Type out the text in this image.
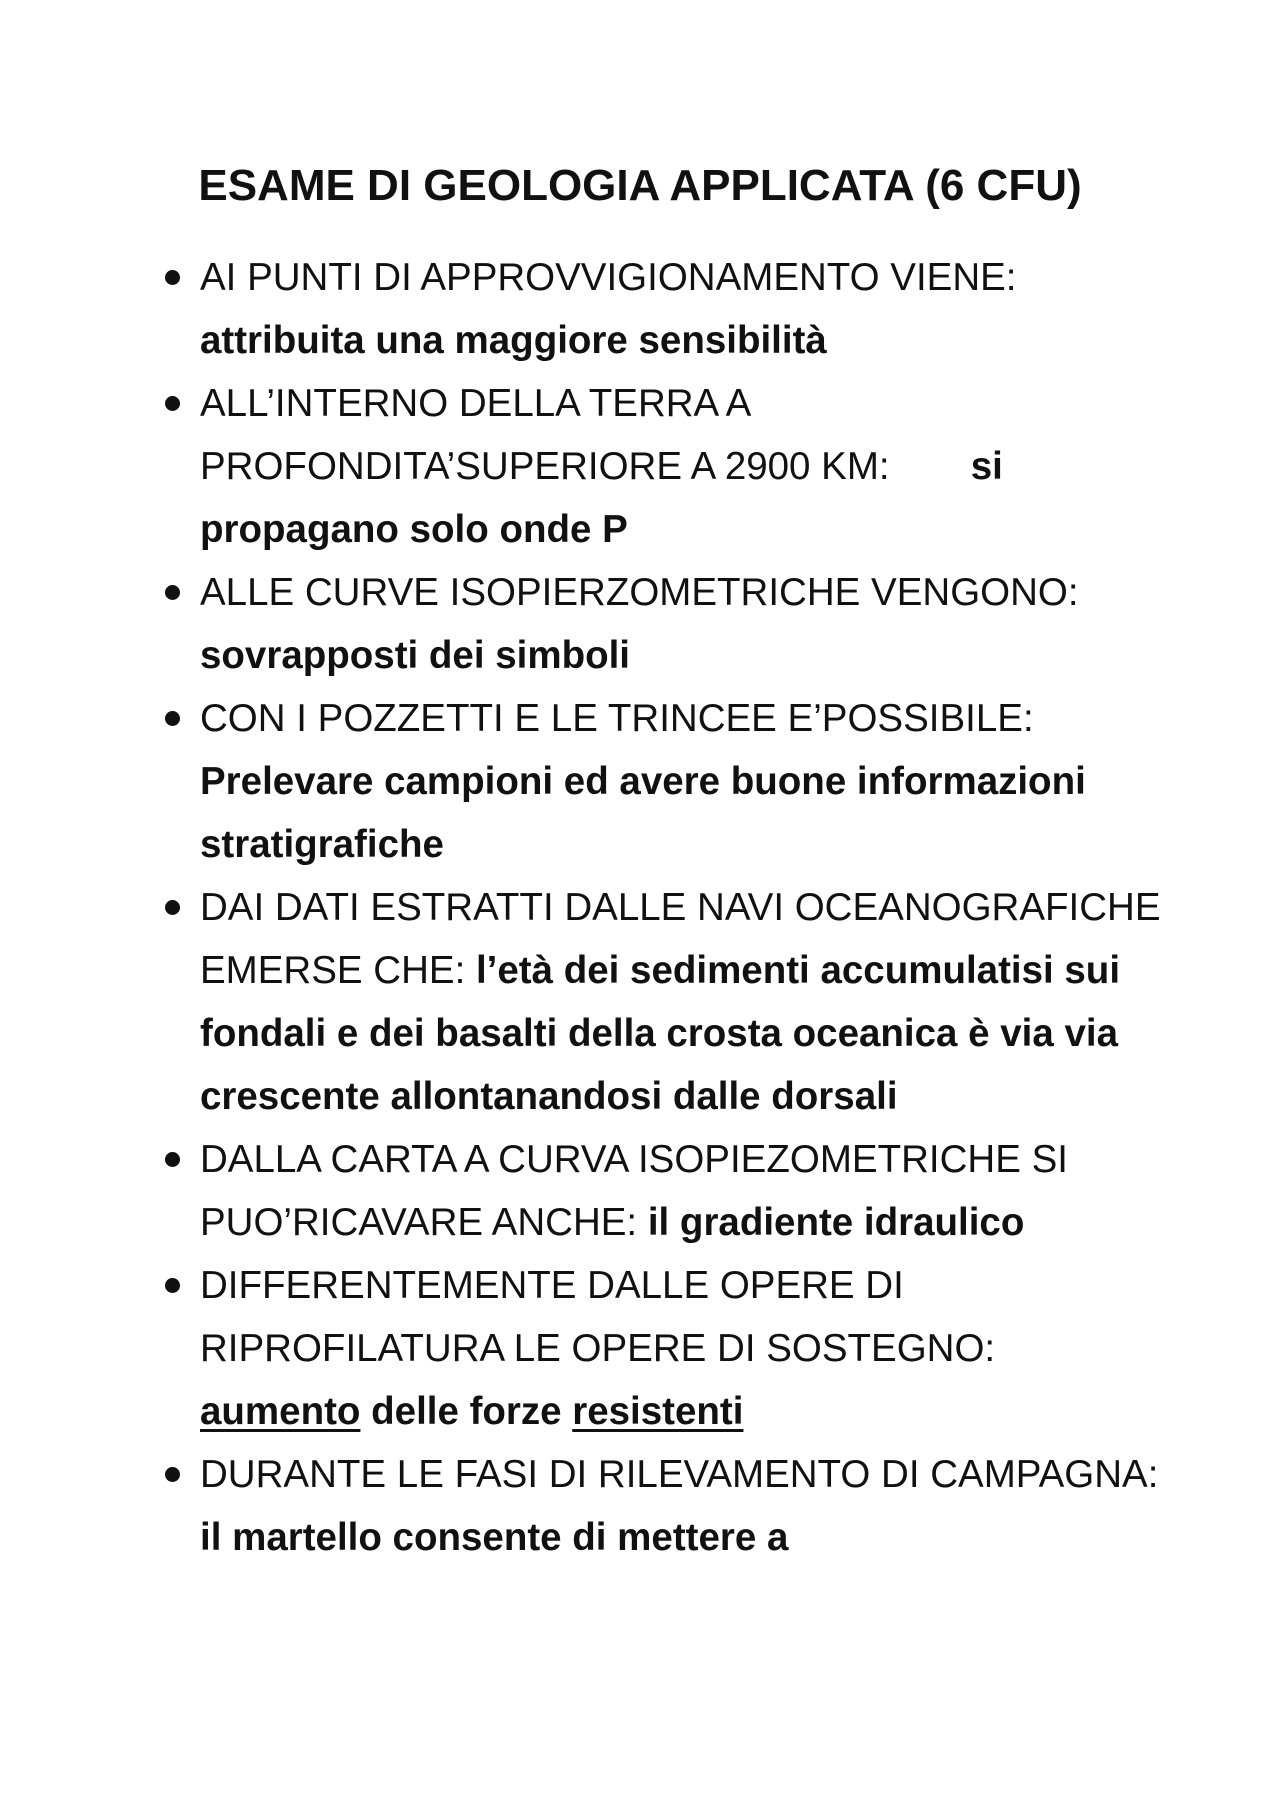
ESAME DI GEOLOGIA APPLICATA (6 CFU)
AI PUNTI DI APPROVVIGIONAMENTO VIENE:
attribuita una maggiore sensibilità
ALL’INTERNO DELLA TERRA A PROFONDITA’SUPERIORE A 2900 KM: si propagano solo onde P
ALLE CURVE ISOPIERZOMETRICHE VENGONO:
sovrapposti dei simboli
CON I POZZETTI E LE TRINCEE E’POSSIBILE:
Prelevare campioni ed avere buone informazioni stratigrafiche
DAI DATI ESTRATTI DALLE NAVI OCEANOGRAFICHE EMERSE CHE: l’età dei sedimenti accumulatisi sui fondali e dei basalti della crosta oceanica è via via crescente allontanandosi dalle dorsali
DALLA CARTA A CURVA ISOPIEZOMETRICHE SI PUO’RICAVARE ANCHE: il gradiente idraulico
DIFFERENTEMENTE DALLE OPERE DI RIPROFILATURA LE OPERE DI SOSTEGNO:
aumento delle forze resistenti
DURANTE LE FASI DI RILEVAMENTO DI CAMPAGNA: il martello consente di mettere a
